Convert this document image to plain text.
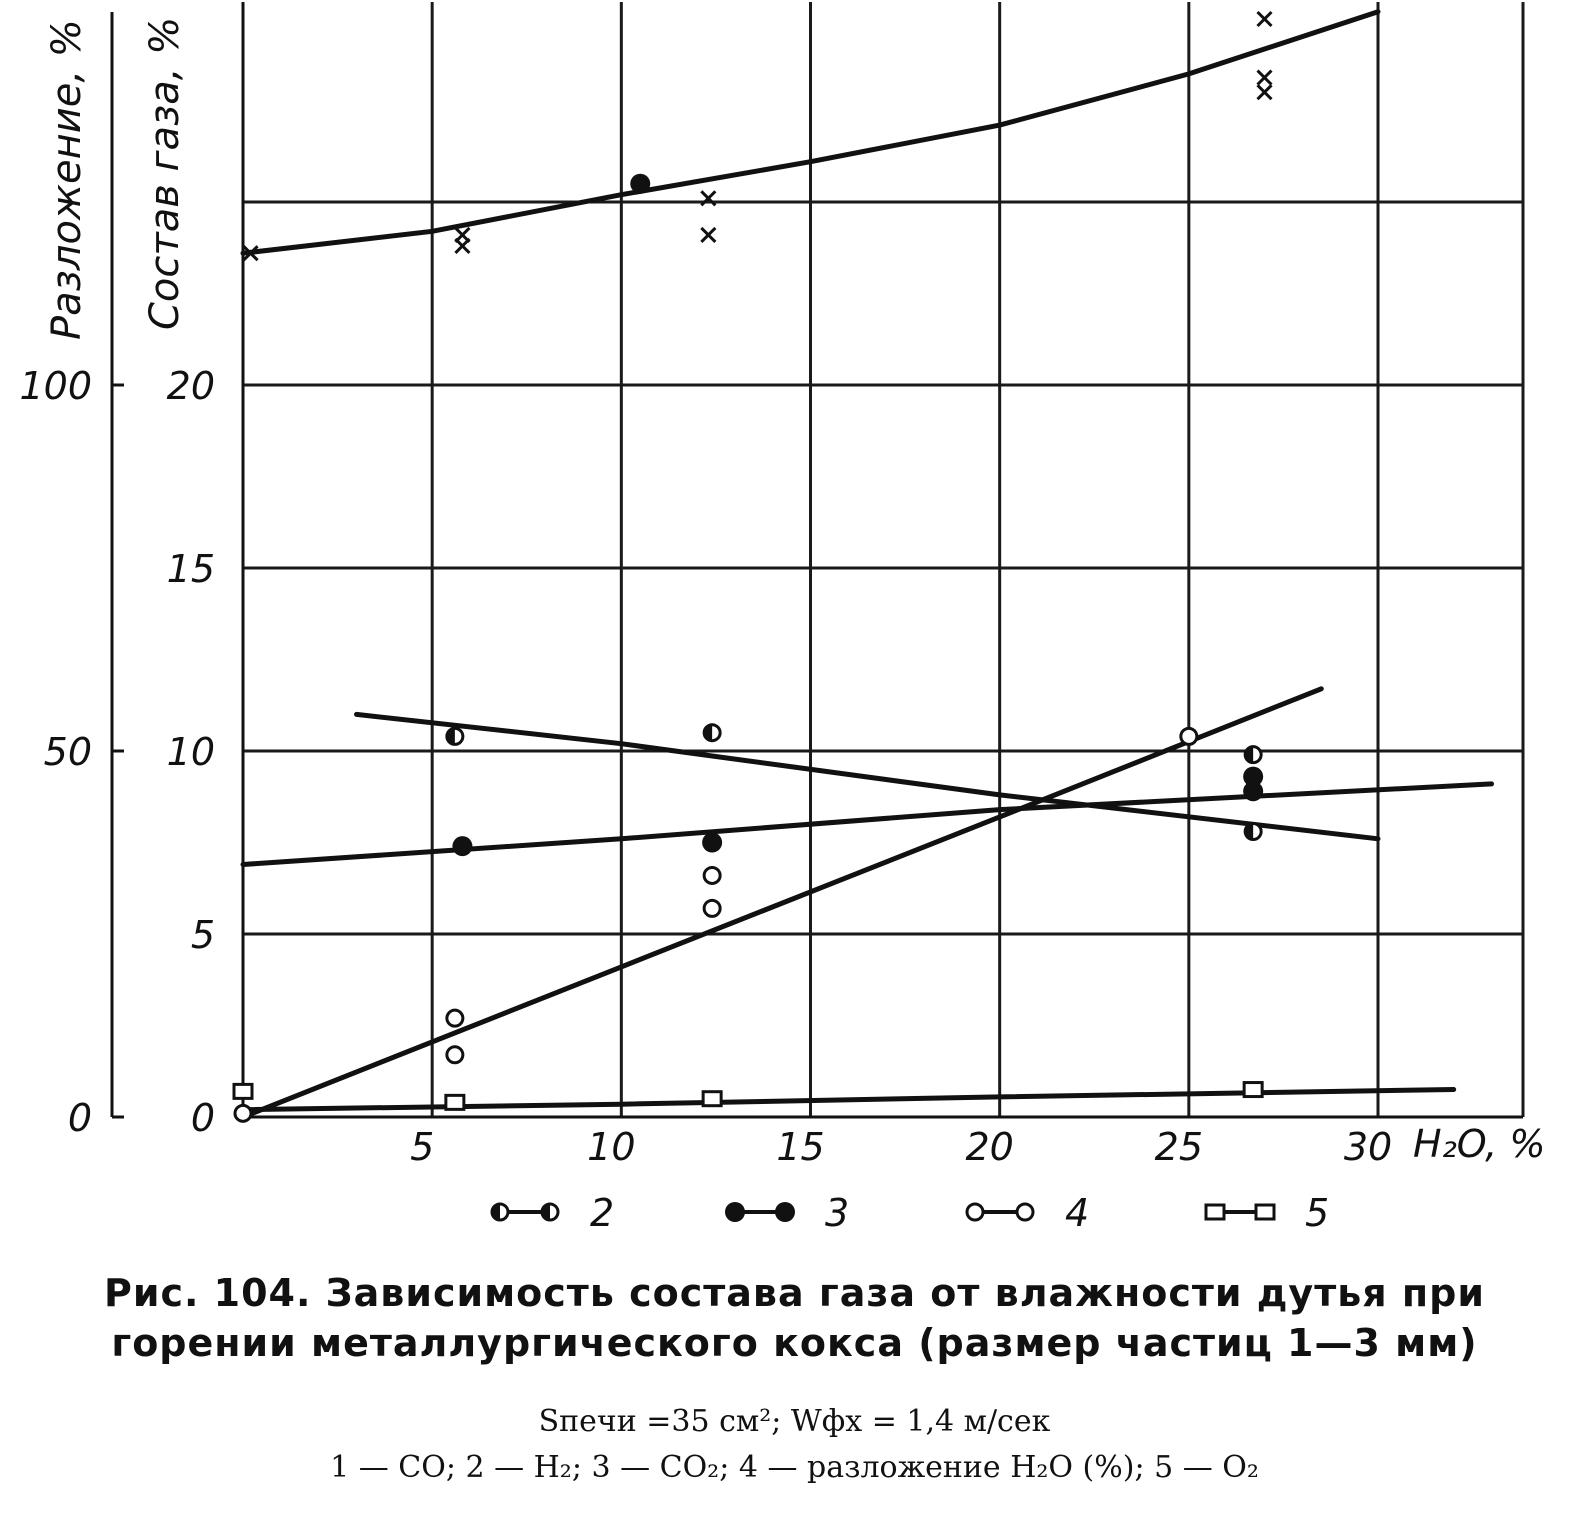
5	10	15	20	25	30
0
5
10
15
20
0
50
100
Разложение, % Состав газа, %
H₂O, %
2	3	4	5
Рис. 104. Зависимость состава газа от влажности дутья при
горении металлургического кокса (размер частиц 1—3 мм)
Sпечи =35 см²; Wфх = 1,4 м/сек
1 — CO; 2 — H₂; 3 — CO₂; 4 — разложение H₂O (%); 5 — O₂
